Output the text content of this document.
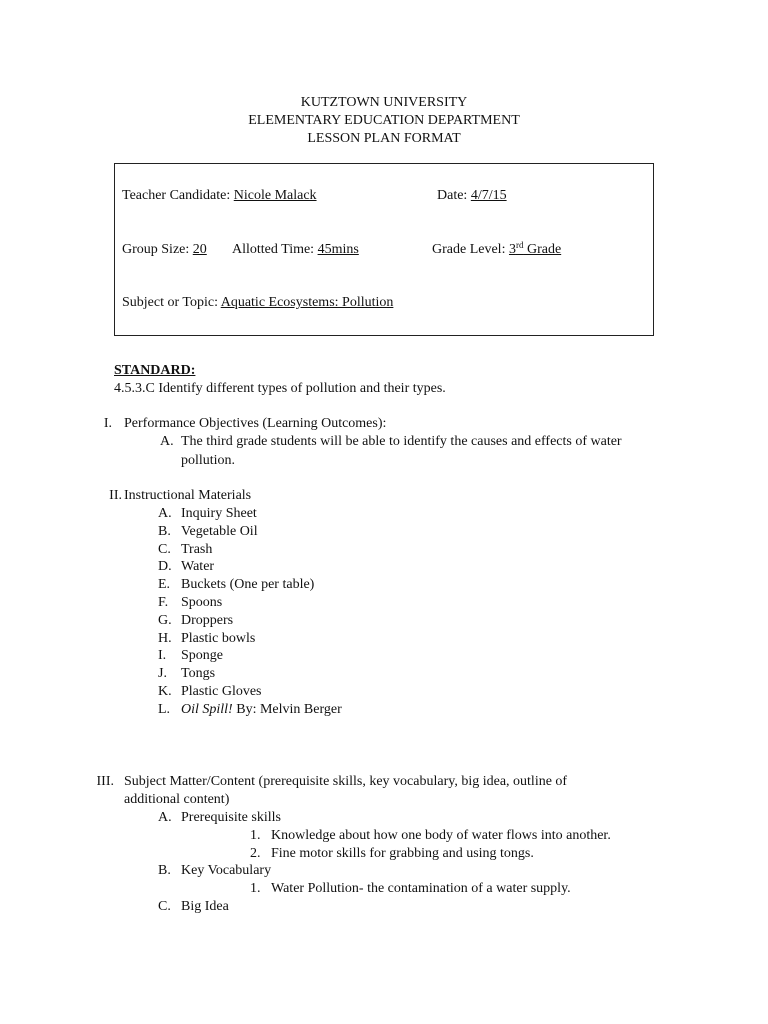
KUTZTOWN UNIVERSITY
ELEMENTARY EDUCATION DEPARTMENT
LESSON PLAN FORMAT
Teacher Candidate: Nicole Malack	Date: 4/7/15
Group Size: 20 Allotted Time: 45mins	Grade Level: 3rd Grade
Subject or Topic: Aquatic Ecosystems: Pollution
STANDARD:
4.5.3.C Identify different types of pollution and their types.
I. Performance Objectives (Learning Outcomes):
A. The third grade students will be able to identify the causes and effects of water
pollution.
II. Instructional Materials
A. Inquiry Sheet
B. Vegetable Oil
C. Trash
D. Water
E. Buckets (One per table)
F. Spoons
G. Droppers
H. Plastic bowls
I. Sponge
J. Tongs
K. Plastic Gloves
L. Oil Spill! By: Melvin Berger
III. Subject Matter/Content (prerequisite skills, key vocabulary, big idea, outline of
additional content)
A. Prerequisite skills
1. Knowledge about how one body of water flows into another.
2. Fine motor skills for grabbing and using tongs.
B. Key Vocabulary
1. Water Pollution- the contamination of a water supply.
C. Big Idea
